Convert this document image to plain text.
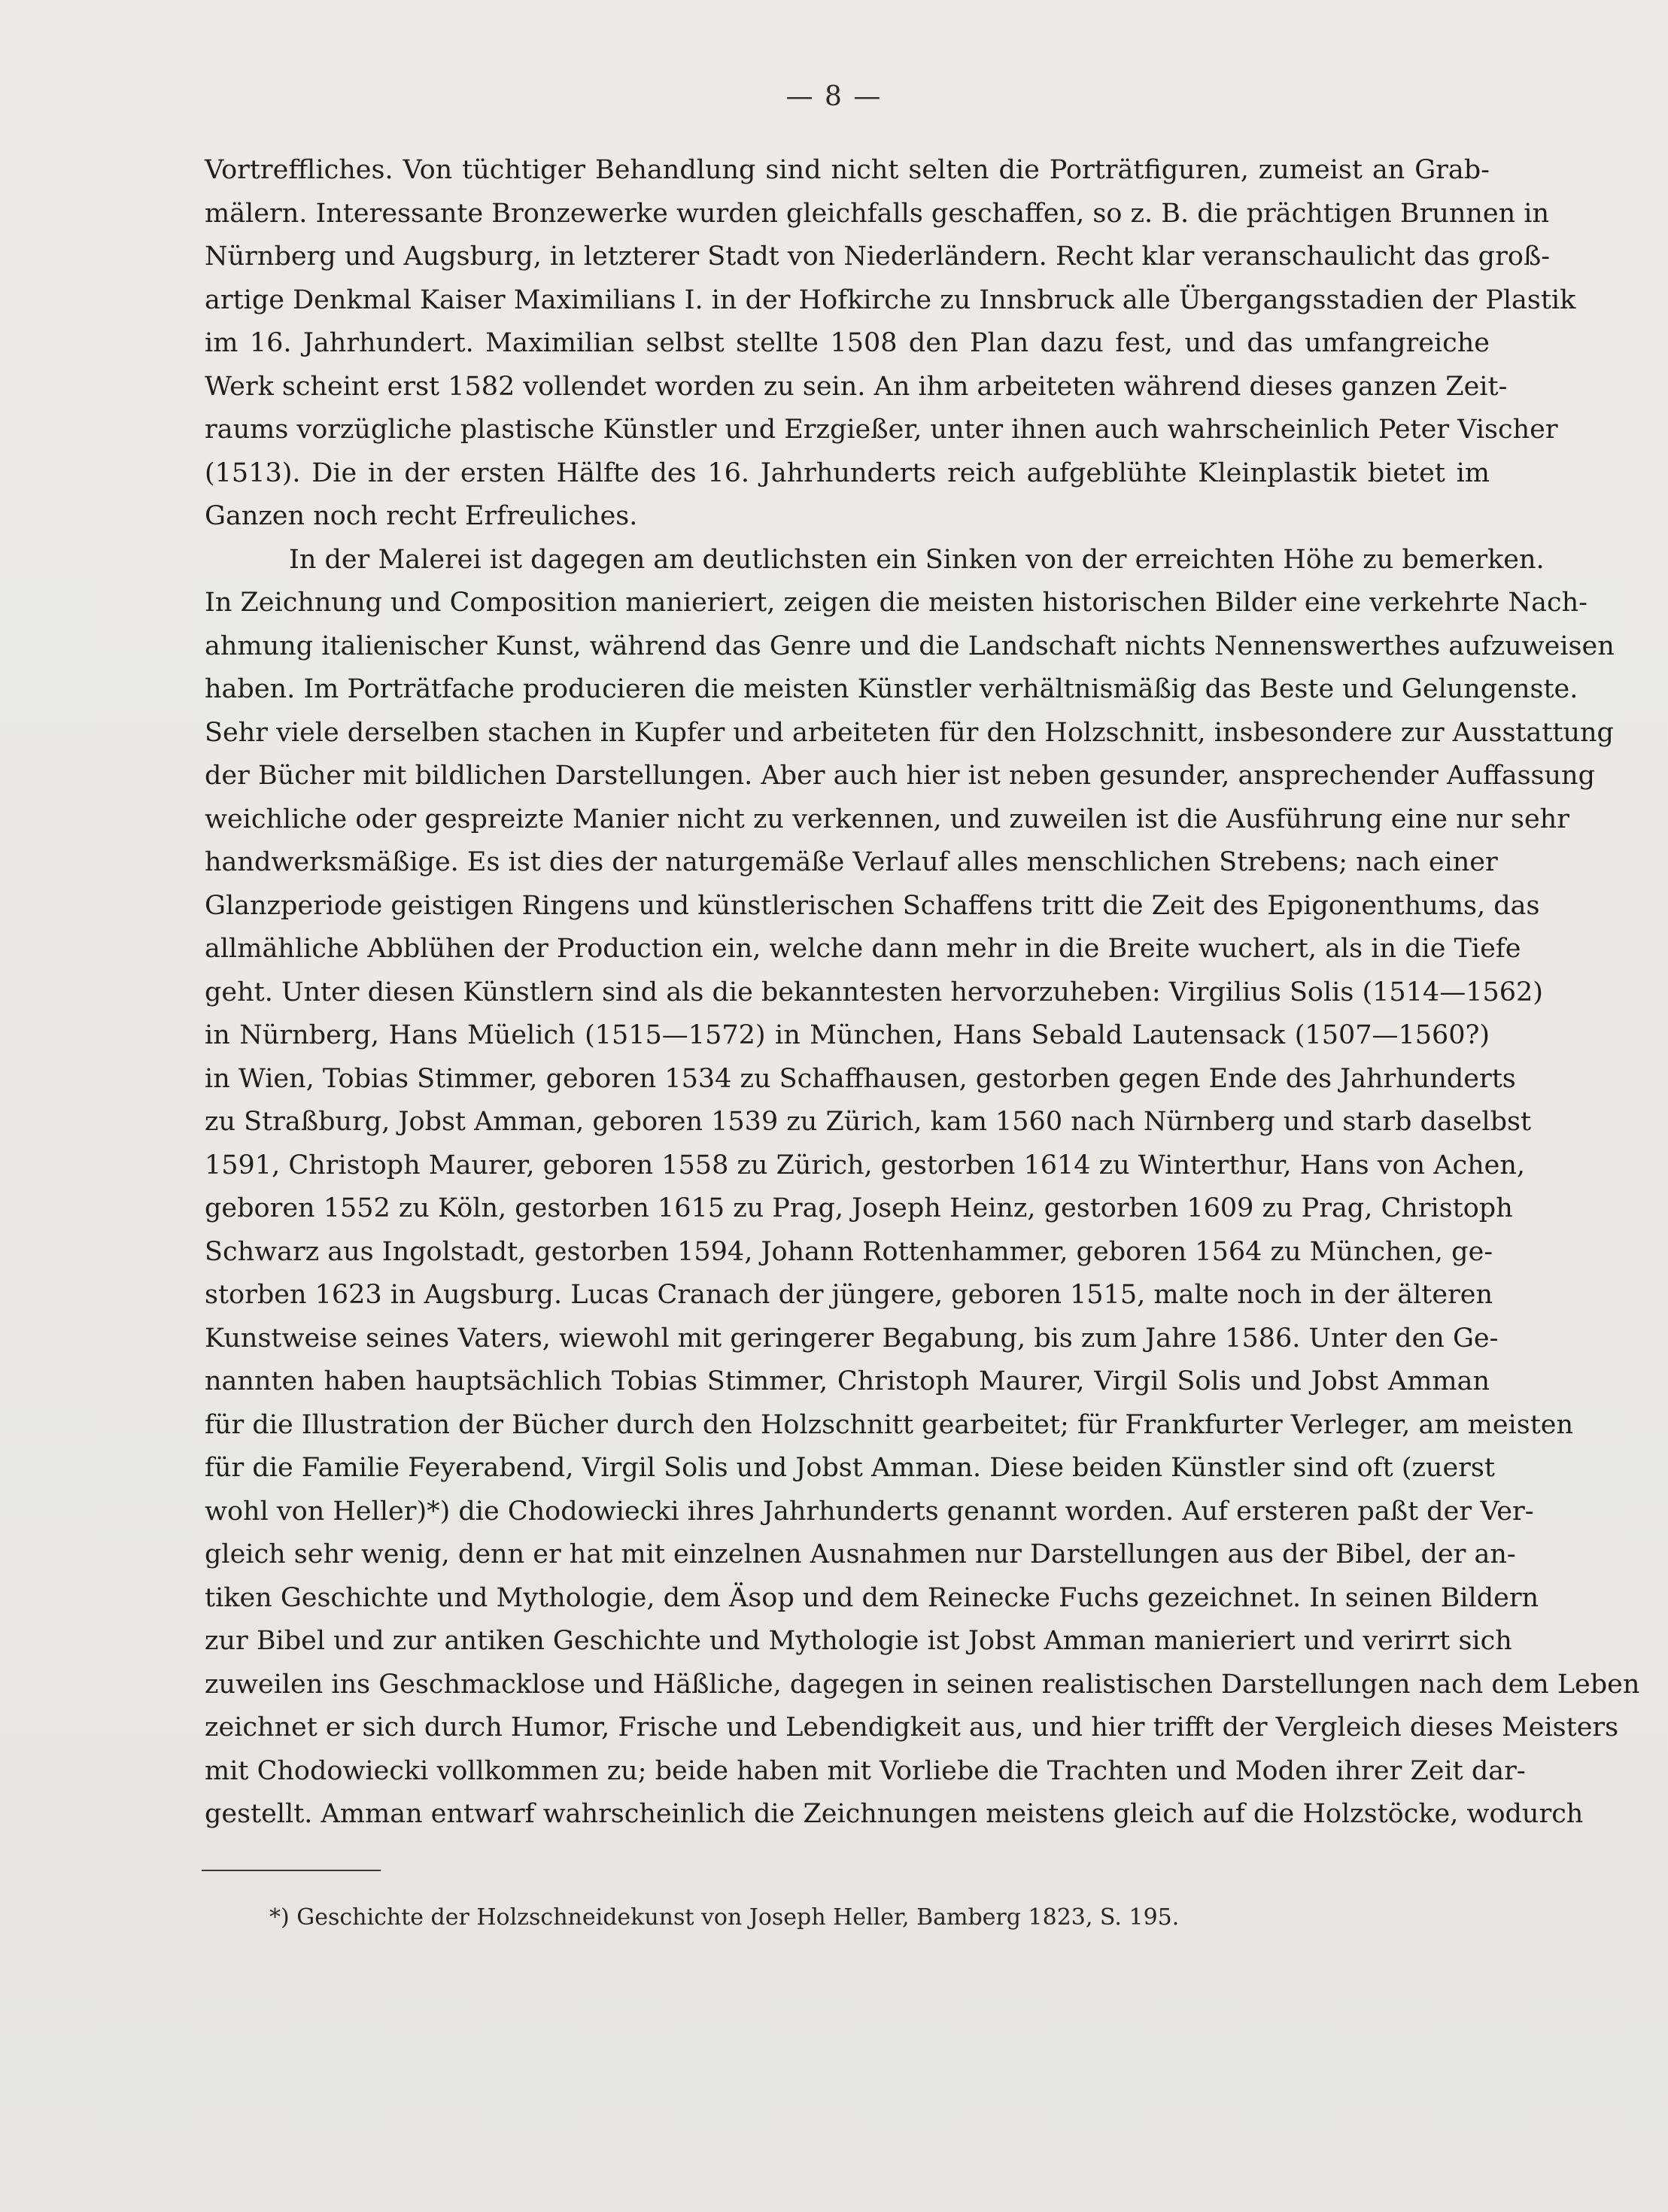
— 8 —
Vortreffliches. Von tüchtiger Behandlung sind nicht selten die Porträtfiguren, zumeist an Grab-
mälern. Interessante Bronzewerke wurden gleichfalls geschaffen, so z. B. die prächtigen Brunnen in
Nürnberg und Augsburg, in letzterer Stadt von Niederländern. Recht klar veranschaulicht das groß-
artige Denkmal Kaiser Maximilians I. in der Hofkirche zu Innsbruck alle Übergangsstadien der Plastik
im 16. Jahrhundert. Maximilian selbst stellte 1508 den Plan dazu fest, und das umfangreiche
Werk scheint erst 1582 vollendet worden zu sein. An ihm arbeiteten während dieses ganzen Zeit-
raums vorzügliche plastische Künstler und Erzgießer, unter ihnen auch wahrscheinlich Peter Vischer
(1513). Die in der ersten Hälfte des 16. Jahrhunderts reich aufgeblühte Kleinplastik bietet im
Ganzen noch recht Erfreuliches.
In der Malerei ist dagegen am deutlichsten ein Sinken von der erreichten Höhe zu bemerken.
In Zeichnung und Composition manieriert, zeigen die meisten historischen Bilder eine verkehrte Nach-
ahmung italienischer Kunst, während das Genre und die Landschaft nichts Nennenswerthes aufzuweisen
haben. Im Porträtfache producieren die meisten Künstler verhältnismäßig das Beste und Gelungenste.
Sehr viele derselben stachen in Kupfer und arbeiteten für den Holzschnitt, insbesondere zur Ausstattung
der Bücher mit bildlichen Darstellungen. Aber auch hier ist neben gesunder, ansprechender Auffassung
weichliche oder gespreizte Manier nicht zu verkennen, und zuweilen ist die Ausführung eine nur sehr
handwerksmäßige. Es ist dies der naturgemäße Verlauf alles menschlichen Strebens; nach einer
Glanzperiode geistigen Ringens und künstlerischen Schaffens tritt die Zeit des Epigonenthums, das
allmähliche Abblühen der Production ein, welche dann mehr in die Breite wuchert, als in die Tiefe
geht. Unter diesen Künstlern sind als die bekanntesten hervorzuheben: Virgilius Solis (1514—1562)
in Nürnberg, Hans Müelich (1515—1572) in München, Hans Sebald Lautensack (1507—1560?)
in Wien, Tobias Stimmer, geboren 1534 zu Schaffhausen, gestorben gegen Ende des Jahrhunderts
zu Straßburg, Jobst Amman, geboren 1539 zu Zürich, kam 1560 nach Nürnberg und starb daselbst
1591, Christoph Maurer, geboren 1558 zu Zürich, gestorben 1614 zu Winterthur, Hans von Achen,
geboren 1552 zu Köln, gestorben 1615 zu Prag, Joseph Heinz, gestorben 1609 zu Prag, Christoph
Schwarz aus Ingolstadt, gestorben 1594, Johann Rottenhammer, geboren 1564 zu München, ge-
storben 1623 in Augsburg. Lucas Cranach der jüngere, geboren 1515, malte noch in der älteren
Kunstweise seines Vaters, wiewohl mit geringerer Begabung, bis zum Jahre 1586. Unter den Ge-
nannten haben hauptsächlich Tobias Stimmer, Christoph Maurer, Virgil Solis und Jobst Amman
für die Illustration der Bücher durch den Holzschnitt gearbeitet; für Frankfurter Verleger, am meisten
für die Familie Feyerabend, Virgil Solis und Jobst Amman. Diese beiden Künstler sind oft (zuerst
wohl von Heller)*) die Chodowiecki ihres Jahrhunderts genannt worden. Auf ersteren paßt der Ver-
gleich sehr wenig, denn er hat mit einzelnen Ausnahmen nur Darstellungen aus der Bibel, der an-
tiken Geschichte und Mythologie, dem Äsop und dem Reinecke Fuchs gezeichnet. In seinen Bildern
zur Bibel und zur antiken Geschichte und Mythologie ist Jobst Amman manieriert und verirrt sich
zuweilen ins Geschmacklose und Häßliche, dagegen in seinen realistischen Darstellungen nach dem Leben
zeichnet er sich durch Humor, Frische und Lebendigkeit aus, und hier trifft der Vergleich dieses Meisters
mit Chodowiecki vollkommen zu; beide haben mit Vorliebe die Trachten und Moden ihrer Zeit dar-
gestellt. Amman entwarf wahrscheinlich die Zeichnungen meistens gleich auf die Holzstöcke, wodurch
*) Geschichte der Holzschneidekunst von Joseph Heller, Bamberg 1823, S. 195.
